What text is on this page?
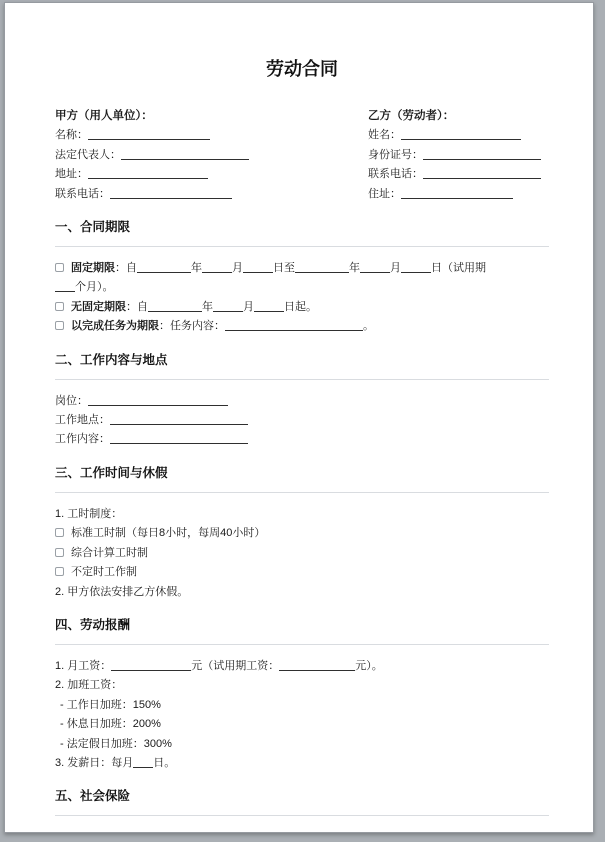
劳动合同
甲方（用人单位）：
名称：
法定代表人：
地址：
联系电话：
乙方（劳动者）：
姓名：
身份证号：
联系电话：
住址：
一、合同期限
固定期限：自	年	月	日至	年	月	日（试用期
个月）。
无固定期限：自	年	月	日起。
以完成任务为期限：任务内容：	。
二、工作内容与地点
岗位：
工作地点：
工作内容：
三、工作时间与休假
1. 工时制度：
标准工时制（每日8小时，每周40小时）
综合计算工时制
不定时工作制
2. 甲方依法安排乙方休假。
四、劳动报酬
1. 月工资：	元（试用期工资：	元）。
2. 加班工资：
- 工作日加班：150%
- 休息日加班：200%
- 法定假日加班：300%
3. 发薪日：每月 日。
五、社会保险
